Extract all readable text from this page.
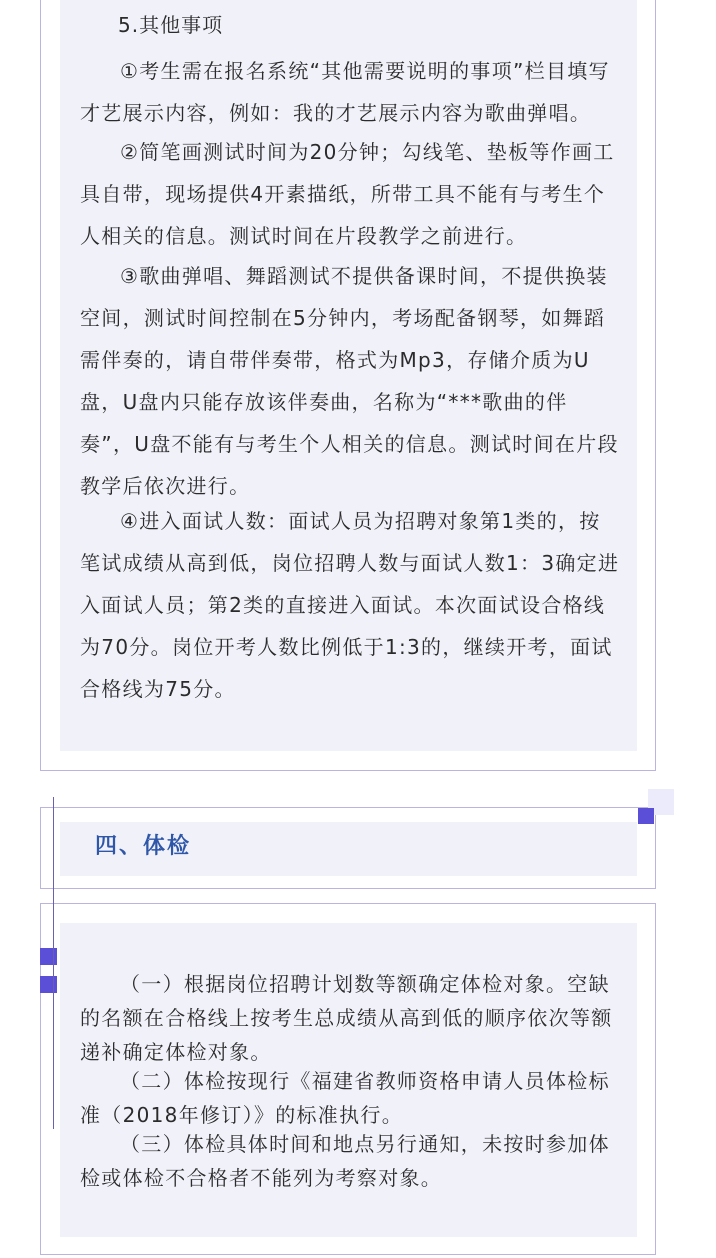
5.其他事项

①考生需在报名系统“其他需要说明的事项”栏目填写才艺展示内容，例如：我的才艺展示内容为歌曲弹唱。

②简笔画测试时间为20分钟；勾线笔、垫板等作画工具自带，现场提供4开素描纸，所带工具不能有与考生个人相关的信息。测试时间在片段教学之前进行。

③歌曲弹唱、舞蹈测试不提供备课时间，不提供换装空间，测试时间控制在5分钟内，考场配备钢琴，如舞蹈需伴奏的，请自带伴奏带，格式为Mp3，存储介质为U盘，U盘内只能存放该伴奏曲，名称为“***歌曲的伴奏”，U盘不能有与考生个人相关的信息。测试时间在片段教学后依次进行。

④进入面试人数：面试人员为招聘对象第1类的，按笔试成绩从高到低，岗位招聘人数与面试人数1：3确定进入面试人员；第2类的直接进入面试。本次面试设合格线为70分。岗位开考人数比例低于1:3的，继续开考，面试合格线为75分。

四、体检

（一）根据岗位招聘计划数等额确定体检对象。空缺的名额在合格线上按考生总成绩从高到低的顺序依次等额递补确定体检对象。

（二）体检按现行《福建省教师资格申请人员体检标准（2018年修订）》的标准执行。

（三）体检具体时间和地点另行通知，未按时参加体检或体检不合格者不能列为考察对象。
